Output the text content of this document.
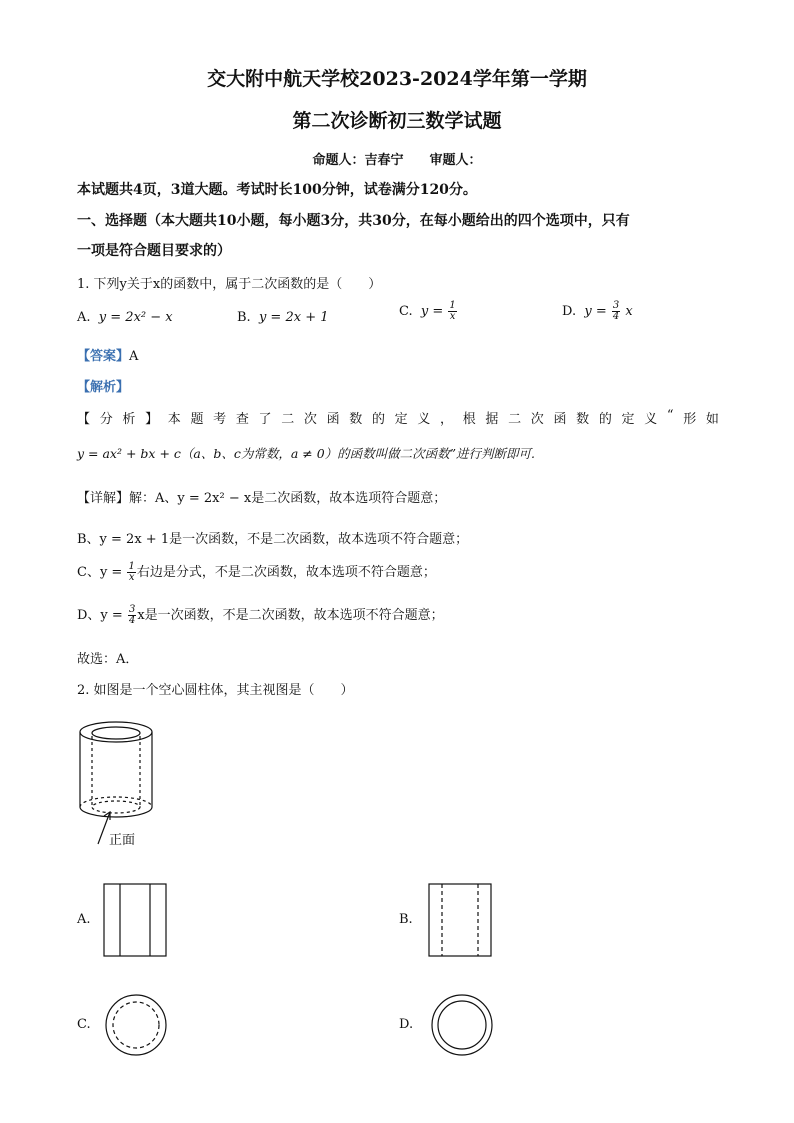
交大附中航天学校2023-2024学年第一学期
第二次诊断初三数学试题
命题人：吉春宁　　审题人：
本试题共4页，3道大题。考试时长100分钟，试卷满分120分。
一、选择题（本大题共10小题，每小题3分，共30分，在每小题给出的四个选项中，只有
一项是符合题目要求的）
1. 下列y关于x的函数中，属于二次函数的是（　　）
A. y = 2x² − x	B. y = 2x + 1	C. $y = \frac{1}{x}$	D. $y = \frac{3}{4}$ x
【答案】A
【解析】
【 分 析 】 本 题 考 查 了 二 次 函 数 的 定 义 ， 根 据 二 次 函 数 的 定 义 “ 形 如
y = ax² + bx + c（a、b、c为常数，a ≠ 0）的函数叫做二次函数”进行判断即可.
【详解】解：A、y = 2x² − x是二次函数，故本选项符合题意；
B、y = 2x + 1是一次函数，不是二次函数，故本选项不符合题意；
C、$y = \frac{1}{x}$ 右边是分式，不是二次函数，故本选项不符合题意；
D、$y = \frac{3}{4}$ x是一次函数，不是二次函数，故本选项不符合题意；
故选：A．
2. 如图是一个空心圆柱体，其主视图是（　　）
正面
A.	B.
C.	D.
